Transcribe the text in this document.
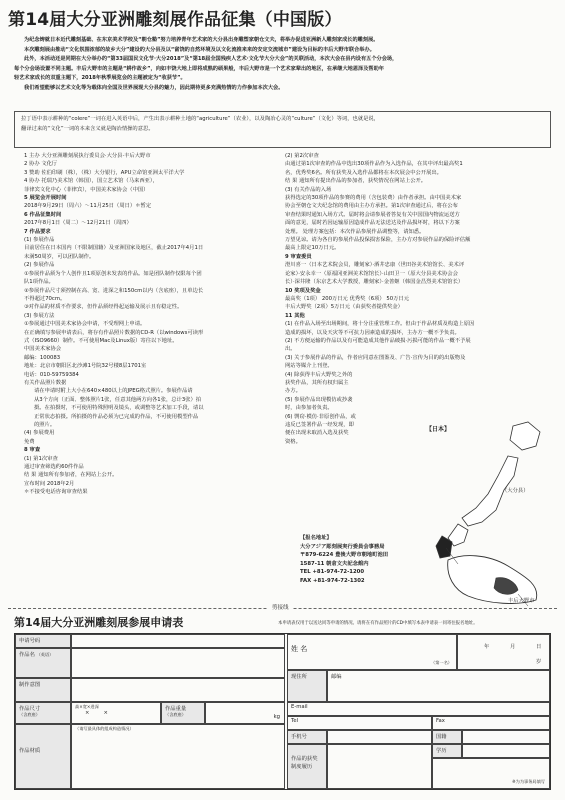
第14届大分亚洲雕刻展作品征集（中国版）

为纪念铸就日本近代雕刻基础、在东京美术学校及“朝仓塾”努力培养青年艺术家的大分县出身雕塑家朝仓文夫，将举办促进亚洲新人雕刻家成长的雕刻展。

本次雕刻展由推动“文化氛围浓郁的故乡大分”建设的大分县及以“富饶的自然环境及以文化流推来来的安定交流城市”建设为目标的丰后大野市联合举办。

此外，本活动还是同期在大分举办的“第33届国民文化节·大分2018”及“第18届全国残疾人艺术·文化节大分大会”的关联活动，本次大会在县内设有五个分会场，

每个分会场设置不同主题。丰后大野市的主题是“耕作故乡”，向如丰饶大地上即将成熟的硕果般，丰后大野市是一个艺术家辈出的地区，在承继大地恩泽及帮助年

轻艺术家成长的双重主题下，2018年秋季展览会的主题被定为“收获节”。

我们希望能够以艺术文化等为载体向全国及世界展现大分县的魅力，因此期待更多充满热情的力作参加本次大会。

拉丁语中表示耕种的“colere”一词在进入英语中后，产生出表示耕种土地的“agriculture”（农业），以及陶冶心灵的“culture”（文化）等词，也就是说，

翻译过来的“文化”一词的本来含义就是陶冶情操的意思。

1 主办 大分亚洲雕刻展执行委员会·大分县·丰后大野市
2 协办 文化厅
3 赞助 佐伯印刷（株），（株）大分银行，APU立命馆亚洲太平洋大学
4 协办 托瑞乃美术馆（韩国），国立艺术馆（马来西亚），
菲律宾文化中心（菲律宾），中国美术家协会（中国）
5 展览会开展时间
2018年9月29日（周六）～11月25日（周日）＊暂定
6 作品征集时间
2017年8月1日（周二）～12月21日（周四）
7 作品要求
(1) 参展作品
目前居住在日本国内（不限制国籍）及亚洲国家及地区，截止2017年4月1日
未满50周岁，可以团队制作。
(2) 参展作品
①参展作品须为个人创作且1项原创未发表的作品。如是团队制作仅限每个团
队1项作品。
②参展作品尺寸须控制在高、宽、进深之和150cm以内（含底座），且单边长
不得超过70cm。
③对作品的材质不作要求，但作品须经得起运输及展示且有稳定性。
(3) 参展方法
①参展通过中国美术家协会申请，不受理网上申请。
在正确填写参展申请表后，将存有作品照片数据的CD-R（以windows可读形
式（ISO9660）制作。不可使用Mac及Linux版）寄往以下地址。
中国美术家协会
邮编：100083
地址：北京市朝阳区北沙滩1号院32号楼8层1701室
电话：010-59759384
有关作品照片数据
请在申请时附上大小在640×480以上的JPEG格式照片。参展作品请
从3个方向（正面、整体照片1张，任意其他两方向各1张，总计3张）拍
摄。在拍摄时，不可使用特殊照明及镜头，或调整等艺术加工手段，请以
正常状态拍摄。所拍摄的作品必须为已完成的作品，不可使用模型作品
的照片。
(4) 参展费用
免费
8 审查
(1) 第1次审查
通过审查筛选约60件作品
结 果 通知所有参加者，在网站上公开。
宣布时间 2018年2月
＊不接受电话咨询审查结果
(2) 第2次审查
由通过第1次审查的作品中选出30项作品作为入选作品，在其中评出最高奖1
名，优秀奖6名。所有获奖及入选作品都将在本次展会中公开展出。
结 果 通知所有提出作品的参加者，获奖情况在网站上公开。
(3) 有关作品的入场
获得选定的30项作品的参赛的费用（含包装费）由作者承担。由中国美术家
协会至朝仓文夫纪念馆的费用由主办方承担。第1次审查通过后，将在公布
审查结果时通知入场方式。届时将会请参展者答复有关中国国内物流运送方
面的意见，届时若因运输原因造成作品无法送达及作品损坏时，将以下方案
处理。 处理方案包括：本次作品参展作品调整等，请知悉。
万望见谅。请为各自的参展作品投保损害保险，主办方对参展作品的保险评估额
最高上限定10万日元。
9 审查委员
澄川喜一（日本艺术院会员，雕刻家）·酒井忠康（世田谷美术馆馆长、美术评
论家）·安永幸一（原福冈亚洲美术馆馆长）·山田卫一（原大分县美术协会会
长）·深井隆（东京艺术大学教授，雕刻家）·金善姬（韩国金昌烈美术馆馆长）
10 奖项及奖金
最高奖（1项） 200万日元 优秀奖（6项） 50万日元
丰后大野奖（2项）5万日元（由获奖者提供奖金）
11 其他
(1) 在作品入场至出场期间，将十分注重管理工作。但由于作品材质及构造上原因
造成的损坏，以及天灾等不可抗力因素造成的损坏，主办方一概不予负责。
(2) 不方便运输的作品以及有可能造成其他作品破损·污损可能的作品一概不予展
出。
(3) 关于参展作品的作品，作者应同意在图鉴及、广告·宣传为目的的出版物及
网站等媒介上刊登。
(4) 除获得丰后大野奖之外的
获奖作品，其所有权归属主
办方。
(5) 参展作品出现模仿或抄袭
时，由参加者负责。
(6) 剽窃·模仿·非原创作品，或
违反已签署作品一经发现，即
便在出现未取消入选及获奖
资格。
【日本】
（大分县）
丰后大野市
【报名地址】
大分アジア彫刻展実行委員会事務局
〒879-6224 豊後大野市朝地町池田
1587-11 朝倉文夫記念館内
TEL +81-974-72-1200
FAX +81-974-72-1302
剪接线
第14届大分亚洲雕刻展参展申请表	本申请表仅用于以送达同等申请的情况。请将在有作品照片的CD中填写本表申请表一同寄往报名地址。
申请号码
作品名 （英语）
制作意图
作品尺寸
（含底座）
高×宽×进深
××
作品重量
（含底座）	kg
作品材质
（请写最具体的组成构造情况）
姓 名
（第一名）
年	月	日
岁
现住所	邮编
E-mail
Tel	Fax
手机号	国籍
作品的获奖
制度履历
学历
※为为事务局填写
